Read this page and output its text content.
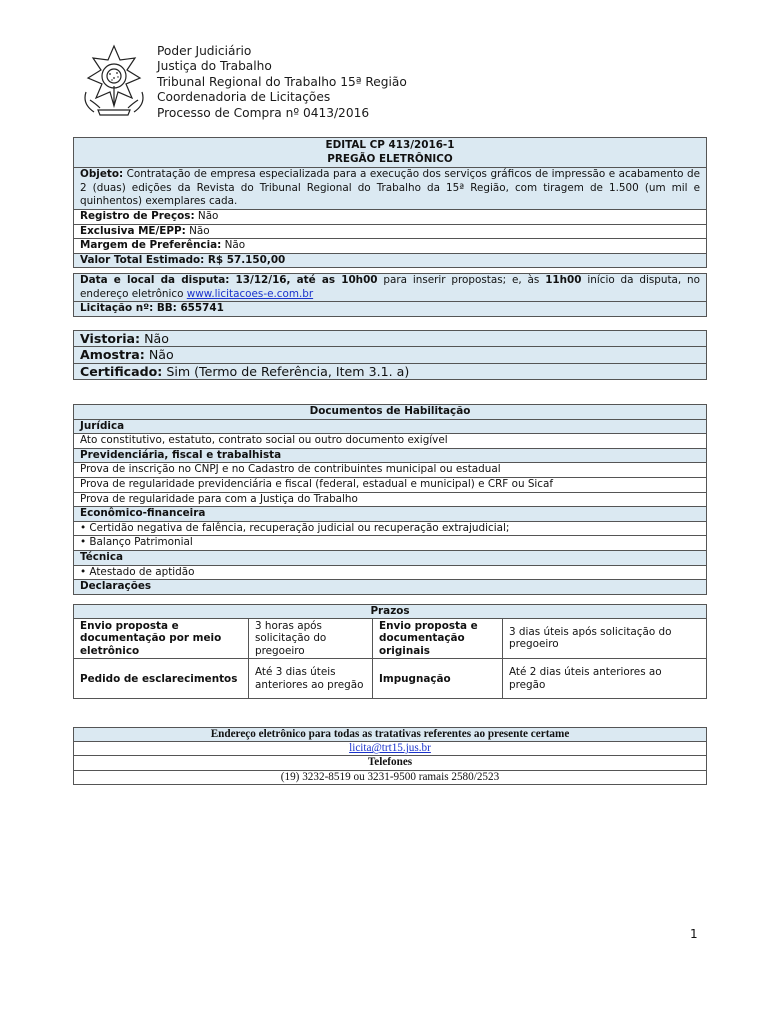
Poder Judiciário
Justiça do Trabalho
Tribunal Regional do Trabalho 15ª Região
Coordenadoria de Licitações
Processo de Compra nº 0413/2016
EDITAL CP 413/2016-1
PREGÃO ELETRÔNICO
Objeto: Contratação de empresa especializada para a execução dos serviços gráficos de impressão e acabamento de 2 (duas) edições da Revista do Tribunal Regional do Trabalho da 15ª Região, com tiragem de 1.500 (um mil e quinhentos) exemplares cada.
Registro de Preços: Não
Exclusiva ME/EPP: Não
Margem de Preferência: Não
Valor Total Estimado: R$ 57.150,00
Data e local da disputa: 13/12/16, até as 10h00 para inserir propostas; e, às 11h00 início da disputa, no endereço eletrônico www.licitacoes-e.com.br
Licitação nº: BB: 655741
Vistoria: Não
Amostra: Não
Certificado: Sim (Termo de Referência, Item 3.1. a)
Documentos de Habilitação
Jurídica
Ato constitutivo, estatuto, contrato social ou outro documento exigível
Previdenciária, fiscal e trabalhista
Prova de inscrição no CNPJ e no Cadastro de contribuintes municipal ou estadual
Prova de regularidade previdenciária e fiscal (federal, estadual e municipal) e CRF ou Sicaf
Prova de regularidade para com a Justiça do Trabalho
Econômico-financeira
• Certidão negativa de falência, recuperação judicial ou recuperação extrajudicial;
• Balanço Patrimonial
Técnica
• Atestado de aptidão
Declarações
Prazos			
Envio proposta e documentação por meio eletrônico	3 horas após solicitação do pregoeiro	Envio proposta e documentação originais	3 dias úteis após solicitação do pregoeiro
Pedido de esclarecimentos	Até 3 dias úteis anteriores ao pregão	Impugnação	Até 2 dias úteis anteriores ao pregão
Endereço eletrônico para todas as tratativas referentes ao presente certame
licita@trt15.jus.br
Telefones
(19) 3232-8519 ou 3231-9500 ramais 2580/2523
1
